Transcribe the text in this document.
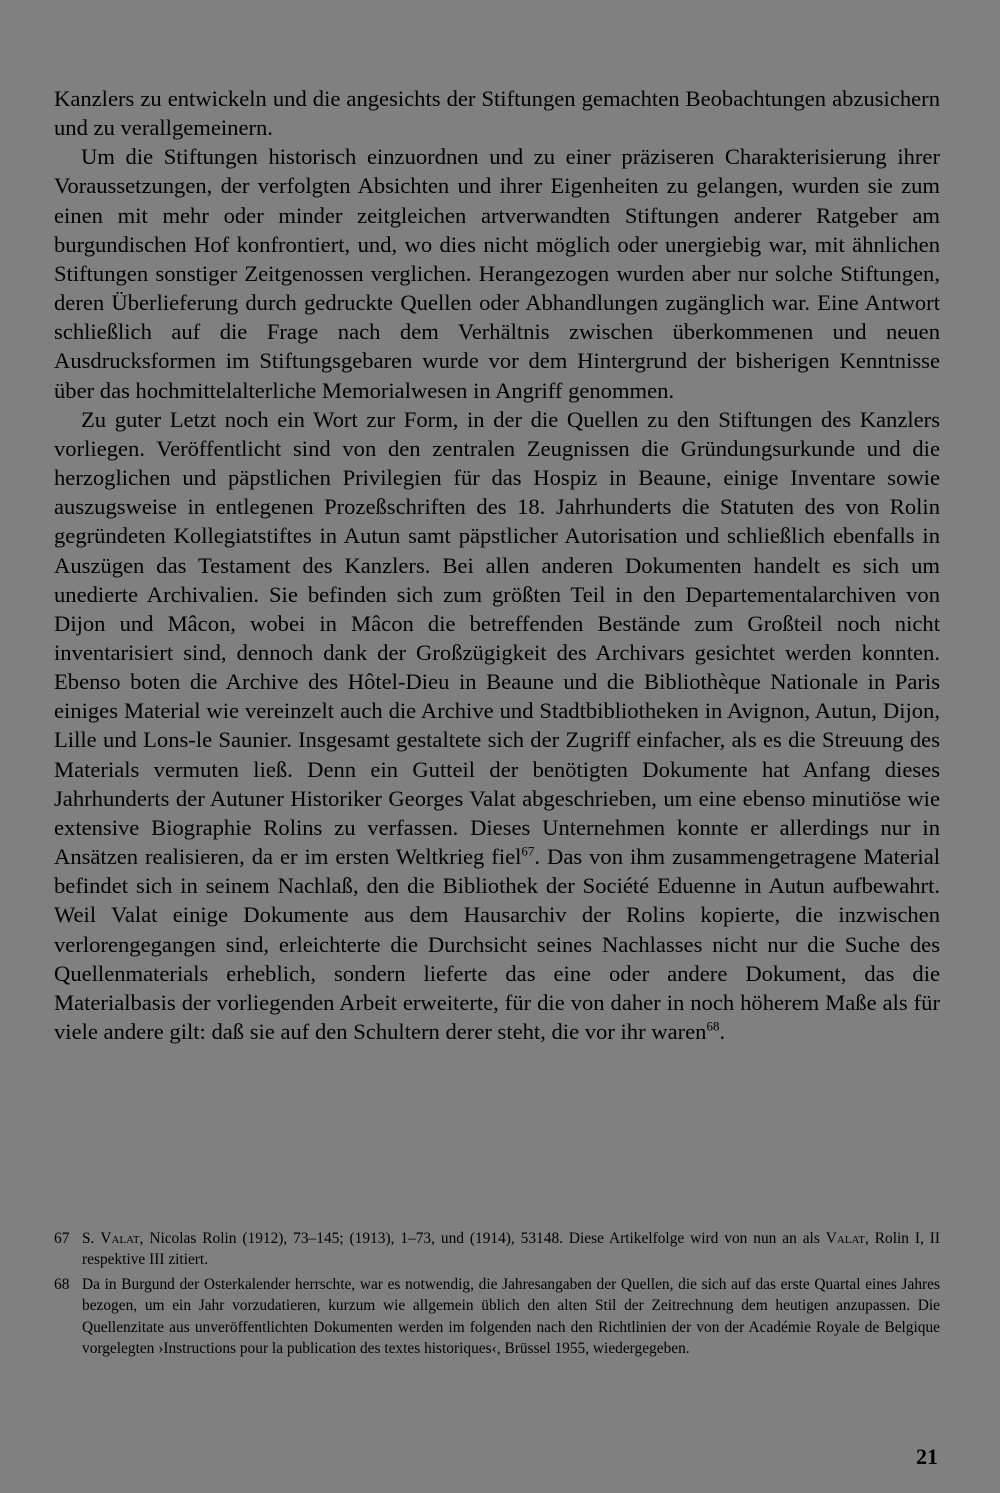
Kanzlers zu entwickeln und die angesichts der Stiftungen gemachten Beobachtungen abzusichern und zu verallgemeinern.

Um die Stiftungen historisch einzuordnen und zu einer präziseren Charakterisierung ihrer Voraussetzungen, der verfolgten Absichten und ihrer Eigenheiten zu gelangen, wurden sie zum einen mit mehr oder minder zeitgleichen artverwandten Stiftungen anderer Ratgeber am burgundischen Hof konfrontiert, und, wo dies nicht möglich oder unergiebig war, mit ähnlichen Stiftungen sonstiger Zeitgenossen verglichen. Herangezogen wurden aber nur solche Stiftungen, deren Überlieferung durch gedruckte Quellen oder Abhandlungen zugänglich war. Eine Antwort schließlich auf die Frage nach dem Verhältnis zwischen überkommenen und neuen Ausdrucksformen im Stiftungsgebaren wurde vor dem Hintergrund der bisherigen Kenntnisse über das hochmittelalterliche Memorialwesen in Angriff genommen.

Zu guter Letzt noch ein Wort zur Form, in der die Quellen zu den Stiftungen des Kanzlers vorliegen. Veröffentlicht sind von den zentralen Zeugnissen die Gründungsurkunde und die herzoglichen und päpstlichen Privilegien für das Hospiz in Beaune, einige Inventare sowie auszugsweise in entlegenen Prozeßschriften des 18. Jahrhunderts die Statuten des von Rolin gegründeten Kollegiatstiftes in Autun samt päpstlicher Autorisation und schließlich ebenfalls in Auszügen das Testament des Kanzlers. Bei allen anderen Dokumenten handelt es sich um unedierte Archivalien. Sie befinden sich zum größten Teil in den Departementalarchiven von Dijon und Mâcon, wobei in Mâcon die betreffenden Bestände zum Großteil noch nicht inventarisiert sind, dennoch dank der Großzügigkeit des Archivars gesichtet werden konnten. Ebenso boten die Archive des Hôtel-Dieu in Beaune und die Bibliothèque Nationale in Paris einiges Material wie vereinzelt auch die Archive und Stadtbibliotheken in Avignon, Autun, Dijon, Lille und Lons-le Saunier. Insgesamt gestaltete sich der Zugriff einfacher, als es die Streuung des Materials vermuten ließ. Denn ein Gutteil der benötigten Dokumente hat Anfang dieses Jahrhunderts der Autuner Historiker Georges Valat abgeschrieben, um eine ebenso minutiöse wie extensive Biographie Rolins zu verfassen. Dieses Unternehmen konnte er allerdings nur in Ansätzen realisieren, da er im ersten Weltkrieg fiel$^{67}$. Das von ihm zusammengetragene Material befindet sich in seinem Nachlaß, den die Bibliothek der Société Eduenne in Autun aufbewahrt. Weil Valat einige Dokumente aus dem Hausarchiv der Rolins kopierte, die inzwischen verlorengegangen sind, erleichterte die Durchsicht seines Nachlasses nicht nur die Suche des Quellenmaterials erheblich, sondern lieferte das eine oder andere Dokument, das die Materialbasis der vorliegenden Arbeit erweiterte, für die von daher in noch höherem Maße als für viele andere gilt: daß sie auf den Schultern derer steht, die vor ihr waren$^{68}$.

67 S. Valat, Nicolas Rolin (1912), 73–145; (1913), 1–73, und (1914), 53148. Diese Artikelfolge wird von nun an als Valat, Rolin I, II respektive III zitiert.
68 Da in Burgund der Osterkalender herrschte, war es notwendig, die Jahresangaben der Quellen, die sich auf das erste Quartal eines Jahres bezogen, um ein Jahr vorzudatieren, kurzum wie allgemein üblich den alten Stil der Zeitrechnung dem heutigen anzupassen. Die Quellenzitate aus unveröffentlichten Dokumenten werden im folgenden nach den Richtlinien der von der Académie Royale de Belgique vorgelegten ›Instructions pour la publication des textes historiques‹, Brüssel 1955, wiedergegeben.
21
